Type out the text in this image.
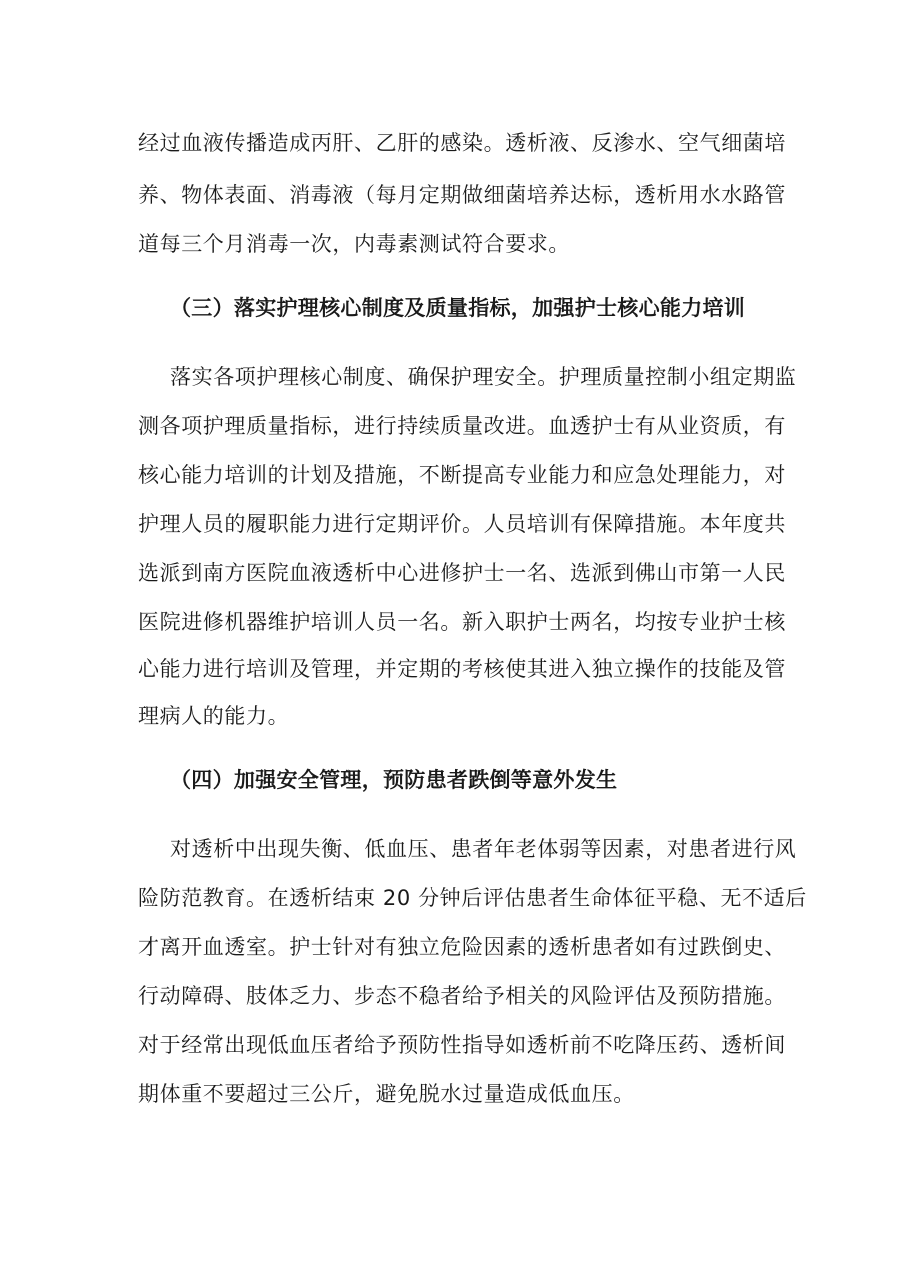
经过血液传播造成丙肝、乙肝的感染。透析液、反渗水、空气细菌培
养、物体表面、消毒液（每月定期做细菌培养达标，透析用水水路管
道每三个月消毒一次，内毒素测试符合要求。
（三）落实护理核心制度及质量指标，加强护士核心能力培训
落实各项护理核心制度、确保护理安全。护理质量控制小组定期监
测各项护理质量指标，进行持续质量改进。血透护士有从业资质，有
核心能力培训的计划及措施，不断提高专业能力和应急处理能力，对
护理人员的履职能力进行定期评价。人员培训有保障措施。本年度共
选派到南方医院血液透析中心进修护士一名、选派到佛山市第一人民
医院进修机器维护培训人员一名。新入职护士两名，均按专业护士核
心能力进行培训及管理，并定期的考核使其进入独立操作的技能及管
理病人的能力。
（四）加强安全管理，预防患者跌倒等意外发生
对透析中出现失衡、低血压、患者年老体弱等因素，对患者进行风
险防范教育。在透析结束 20 分钟后评估患者生命体征平稳、无不适后
才离开血透室。护士针对有独立危险因素的透析患者如有过跌倒史、
行动障碍、肢体乏力、步态不稳者给予相关的风险评估及预防措施。
对于经常出现低血压者给予预防性指导如透析前不吃降压药、透析间
期体重不要超过三公斤，避免脱水过量造成低血压。
